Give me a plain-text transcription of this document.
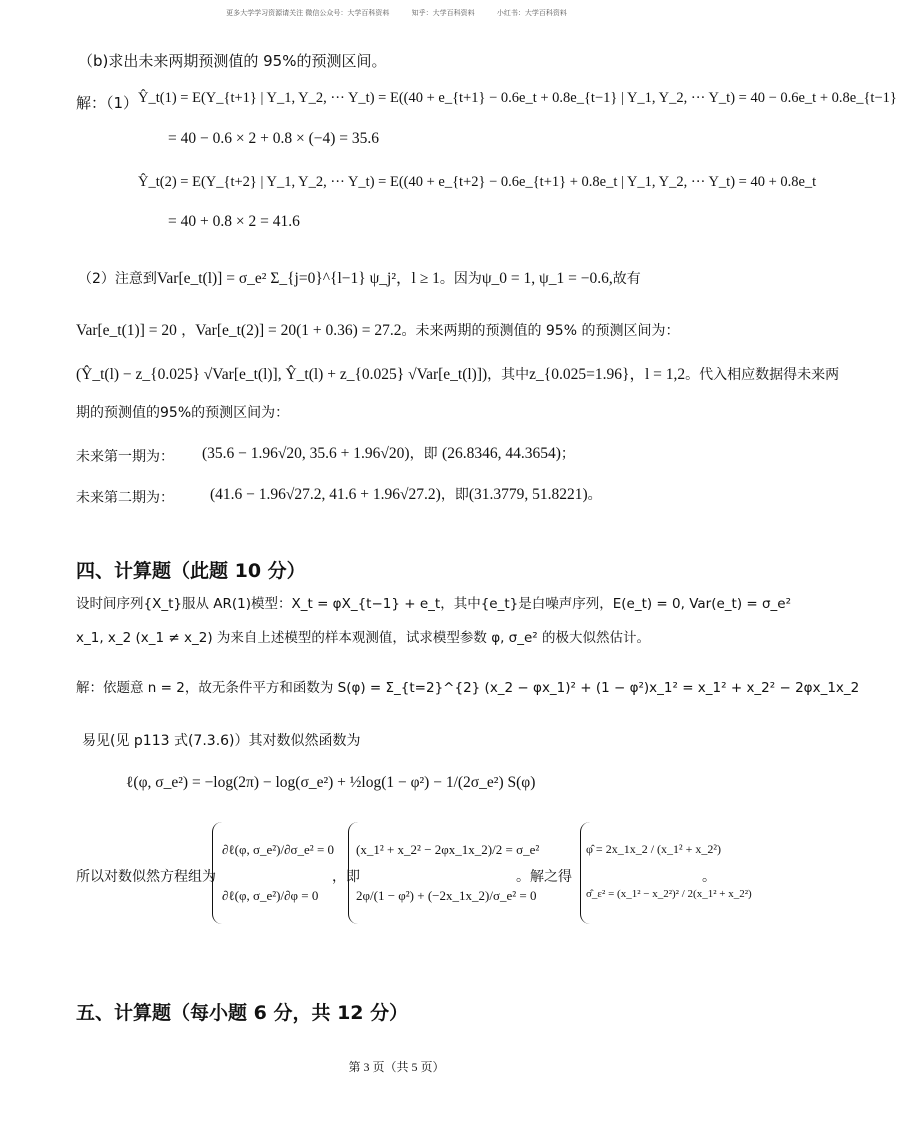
更多大学学习资源请关注 微信公众号：大学百科资料	知乎：大学百科资料	小红书：大学百科资料
（b)求出未来两期预测值的 95%的预测区间。
解：（1） Ŷ_t(1) = E(Y_{t+1} | Y_1, Y_2, ··· Y_t) = E((40 + e_{t+1} − 0.6e_t + 0.8e_{t−1} | Y_1, Y_2, ··· Y_t) = 40 − 0.6e_t + 0.8e_{t−1}
= 40 − 0.6 × 2 + 0.8 × (−4) = 35.6
Ŷ_t(2) = E(Y_{t+2} | Y_1, Y_2, ··· Y_t) = E((40 + e_{t+2} − 0.6e_{t+1} + 0.8e_t | Y_1, Y_2, ··· Y_t) = 40 + 0.8e_t
= 40 + 0.8 × 2 = 41.6
（2）注意到Var[e_t(l)] = σ_e² Σ_{j=0}^{l−1} ψ_j²，l ≥ 1。因为ψ_0 = 1, ψ_1 = −0.6,故有
Var[e_t(1)] = 20 ，Var[e_t(2)] = 20(1 + 0.36) = 27.2。未来两期的预测值的 95% 的预测区间为：
(Ŷ_t(l) − z_{0.025} √Var[e_t(l)], Ŷ_t(l) + z_{0.025} √Var[e_t(l)])，其中z_{0.025=1.96}，l = 1,2。代入相应数据得未来两
期的预测值的95%的预测区间为：
未来第一期为： (35.6 − 1.96√20, 35.6 + 1.96√20)，即 (26.8346, 44.3654)；
未来第二期为： (41.6 − 1.96√27.2, 41.6 + 1.96√27.2)，即(31.3779, 51.8221)。
四、计算题（此题 10 分）
设时间序列{X_t}服从 AR(1)模型：X_t = φX_{t−1} + e_t，其中{e_t}是白噪声序列，E(e_t) = 0, Var(e_t) = σ_e²
x_1, x_2 (x_1 ≠ x_2) 为来自上述模型的样本观测值，试求模型参数 φ, σ_e² 的极大似然估计。
解：依题意 n = 2，故无条件平方和函数为 S(φ) = Σ_{t=2}^{2} (x_2 − φx_1)² + (1 − φ²)x_1² = x_1² + x_2² − 2φx_1x_2
易见(见 p113 式(7.3.6)）其对数似然函数为
ℓ(φ, σ_e²) = −log(2π) − log(σ_e²) + ½log(1 − φ²) − 1/(2σ_e²) S(φ)
所以对数似然方程组为
∂ℓ(φ, σ_e²)/∂σ_e² = 0
∂ℓ(φ, σ_e²)/∂φ = 0
，即
(x_1² + x_2² − 2φx_1x_2)/2 = σ_e²
2φ/(1 − φ²) + (−2x_1x_2)/σ_e² = 0
。解之得
φ̂ = 2x_1x_2 / (x_1² + x_2²)
σ̂_ε² = (x_1² − x_2²)² / 2(x_1² + x_2²)
。
五、计算题（每小题 6 分，共 12 分）
第 3 页（共 5 页）
